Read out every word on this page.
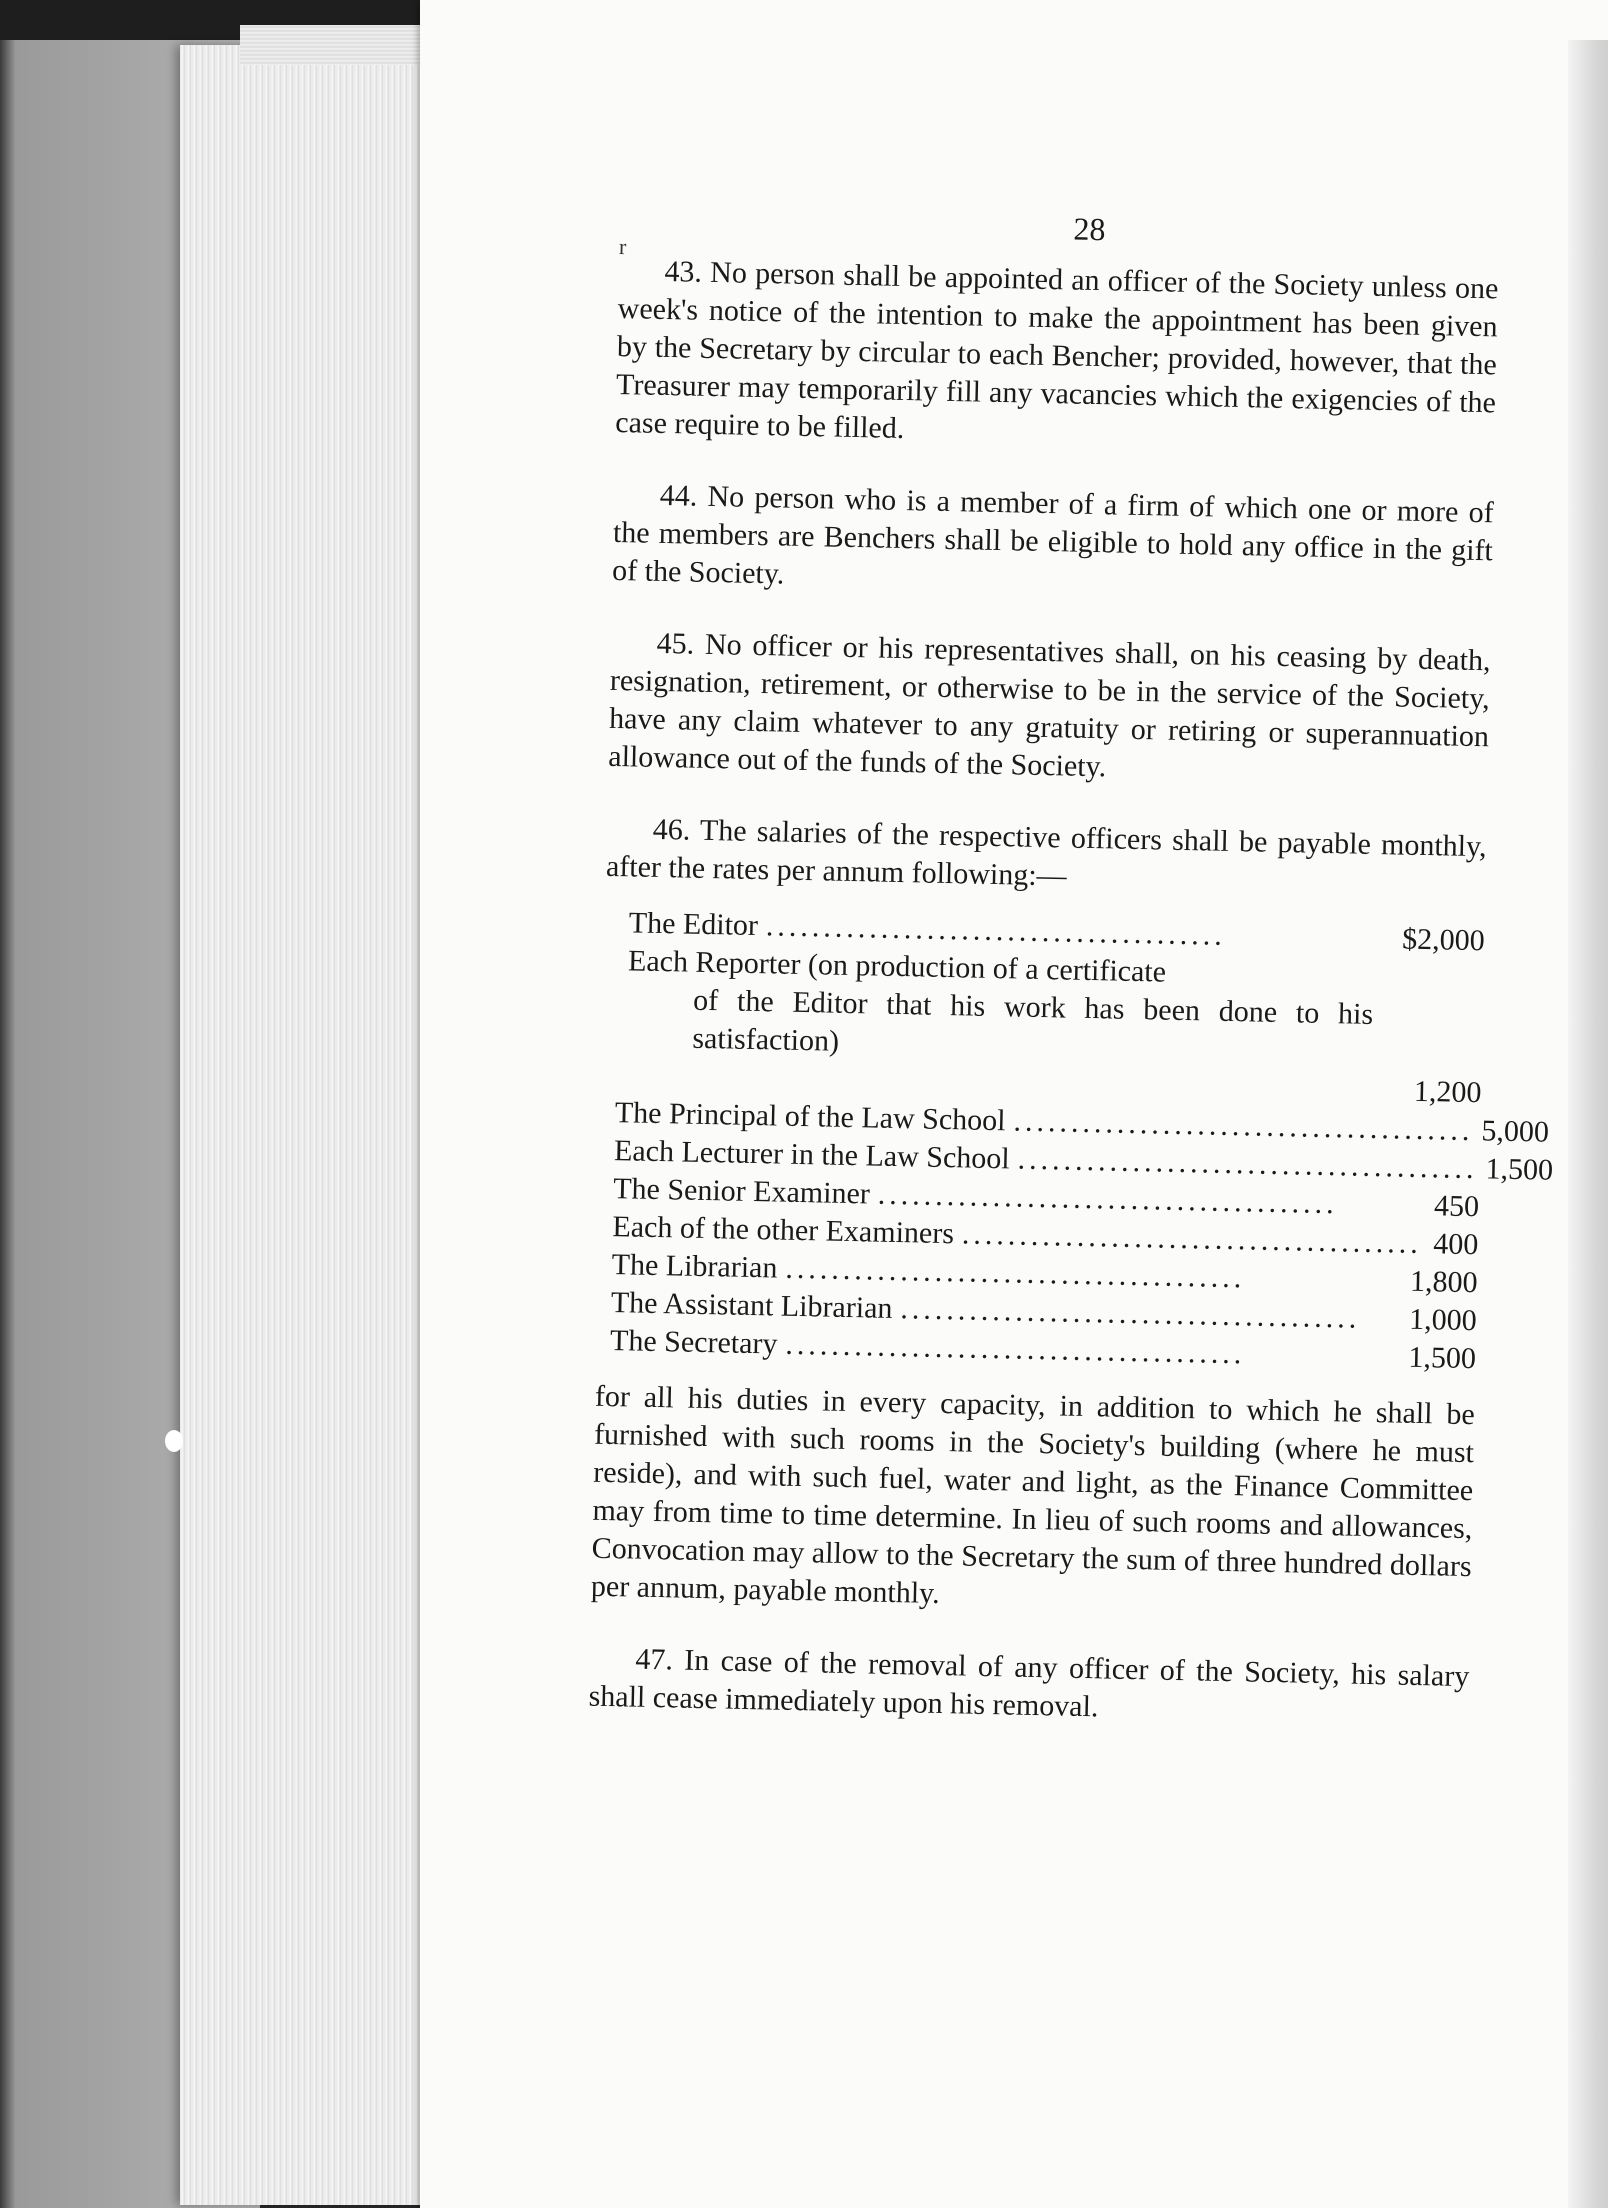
r	28

43. No person shall be appointed an officer of the Society unless one week's notice of the intention to make the appointment has been given by the Secretary by circular to each Bencher; provided, however, that the Treasurer may temporarily fill any vacancies which the exigencies of the case require to be filled.

44. No person who is a member of a firm of which one or more of the members are Benchers shall be eligible to hold any office in the gift of the Society.

45. No officer or his representatives shall, on his ceasing by death, resignation, retirement, or otherwise to be in the service of the Society, have any claim whatever to any gratuity or retiring or superannuation allowance out of the funds of the Society.

46. The salaries of the respective officers shall be payable monthly, after the rates per annum following:—

The Editor ........................................	$2,000
Each Reporter (on production of a certificate
of the Editor that his work has been done to his satisfaction)
1,200
The Principal of the Law School ........................................ 5,000
Each Lecturer in the Law School ........................................ 1,500
The Senior Examiner ........................................	450
Each of the other Examiners ........................................ 400
The Librarian ........................................	1,800
The Assistant Librarian ........................................	1,000
The Secretary ........................................	1,500

for all his duties in every capacity, in addition to which he shall be furnished with such rooms in the Society's building (where he must reside), and with such fuel, water and light, as the Finance Committee may from time to time determine. In lieu of such rooms and allowances, Convocation may allow to the Secretary the sum of three hundred dollars per annum, payable monthly.

47. In case of the removal of any officer of the Society, his salary shall cease immediately upon his removal.
